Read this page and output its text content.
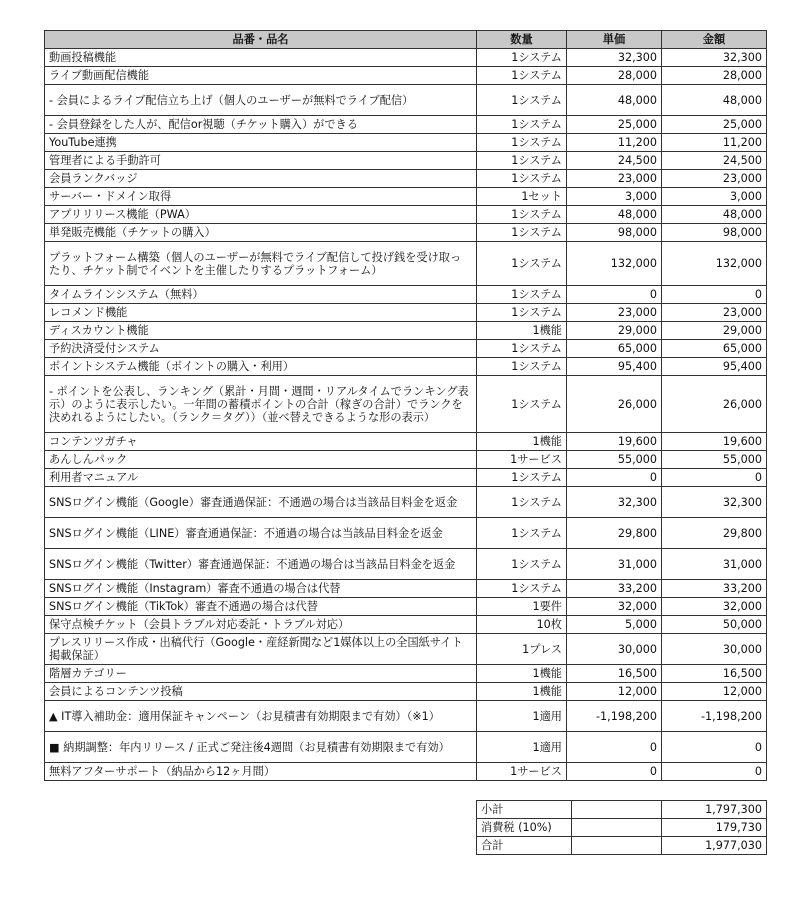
品番・品名	数量	単価	金額
動画投稿機能	1システム	32,300	32,300
ライブ動画配信機能	1システム	28,000	28,000
- 会員によるライブ配信立ち上げ（個人のユーザーが無料でライブ配信）	1システム	48,000	48,000
- 会員登録をした人が、配信or視聴（チケット購入）ができる	1システム	25,000	25,000
YouTube連携	1システム	11,200	11,200
管理者による手動許可	1システム	24,500	24,500
会員ランクバッジ	1システム	23,000	23,000
サーバー・ドメイン取得	1セット	3,000	3,000
アプリリリース機能（PWA）	1システム	48,000	48,000
単発販売機能（チケットの購入）	1システム	98,000	98,000
プラットフォーム構築（個人のユーザーが無料でライブ配信して投げ銭を受け取ったり、チケット制でイベントを主催したりするプラットフォーム）	1システム	132,000	132,000
タイムラインシステム（無料）	1システム	0	0
レコメンド機能	1システム	23,000	23,000
ディスカウント機能	1機能	29,000	29,000
予約決済受付システム	1システム	65,000	65,000
ポイントシステム機能（ポイントの購入・利用）	1システム	95,400	95,400
- ポイントを公表し、ランキング（累計・月間・週間・リアルタイムでランキング表示）のように表示したい。一年間の蓄積ポイントの合計（稼ぎの合計）でランクを決めれるようにしたい。（ランク＝タグ））（並べ替えできるような形の表示）	1システム	26,000	26,000
コンテンツガチャ	1機能	19,600	19,600
あんしんパック	1サービス	55,000	55,000
利用者マニュアル	1システム	0	0
SNSログイン機能（Google）審査通過保証：不通過の場合は当該品目料金を返金	1システム	32,300	32,300
SNSログイン機能（LINE）審査通過保証：不通過の場合は当該品目料金を返金	1システム	29,800	29,800
SNSログイン機能（Twitter）審査通過保証：不通過の場合は当該品目料金を返金	1システム	31,000	31,000
SNSログイン機能（Instagram）審査不通過の場合は代替	1システム	33,200	33,200
SNSログイン機能（TikTok）審査不通過の場合は代替	1要件	32,000	32,000
保守点検チケット（会員トラブル対応委託・トラブル対応）	10枚	5,000	50,000
プレスリリース作成・出稿代行（Google・産経新聞など1媒体以上の全国紙サイト掲載保証）	1プレス	30,000	30,000
階層カテゴリー	1機能	16,500	16,500
会員によるコンテンツ投稿	1機能	12,000	12,000
▲ IT導入補助金：適用保証キャンペーン（お見積書有効期限まで有効）（※1）	1適用	-1,198,200	-1,198,200
■ 納期調整：年内リリース / 正式ご発注後4週間（お見積書有効期限まで有効）	1適用	0	0
無料アフターサポート（納品から12ヶ月間）	1サービス	0	0
小計		1,797,300
消費税 (10%)		179,730
合計		1,977,030
